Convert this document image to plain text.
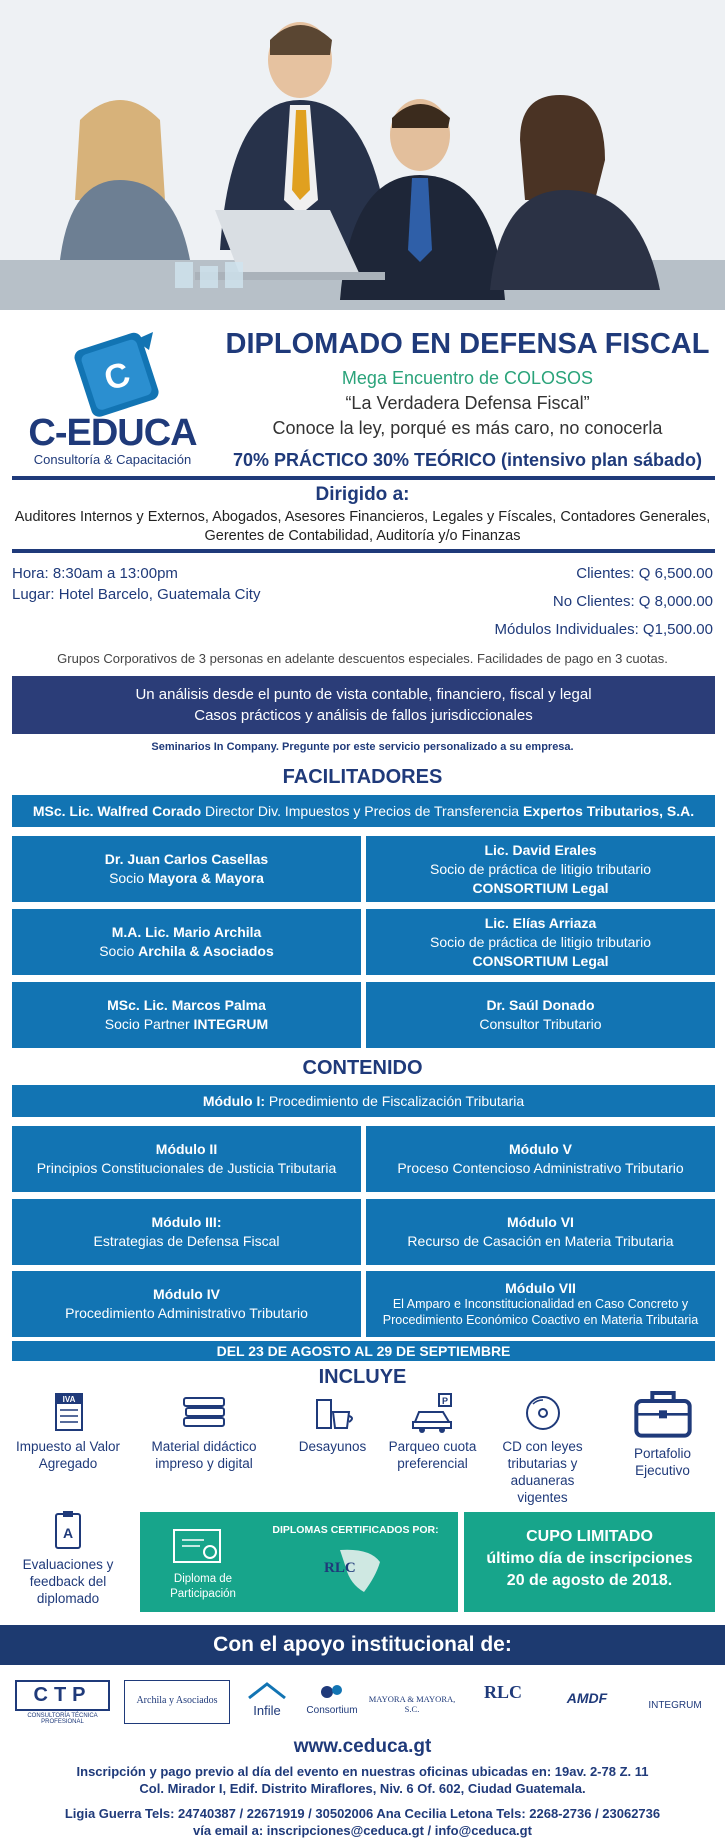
C
C-EDUCA
Consultoría & Capacitación
DIPLOMADO EN DEFENSA FISCAL
Mega Encuentro de COLOSOS
“La Verdadera Defensa Fiscal”
Conoce la ley, porqué es más caro, no conocerla
70% PRÁCTICO 30% TEÓRICO (intensivo plan sábado)
Dirigido a:
Auditores Internos y Externos, Abogados, Asesores Financieros, Legales y Físcales, Contadores Generales, Gerentes de Contabilidad, Auditoría y/o Finanzas
Hora: 8:30am a 13:00pm
Lugar: Hotel Barcelo, Guatemala City
Clientes: Q 6,500.00
No Clientes: Q 8,000.00
Módulos Individuales: Q1,500.00
Grupos Corporativos de 3 personas en adelante descuentos especiales. Facilidades de pago en 3 cuotas.
Un análisis desde el punto de vista contable, financiero, fiscal y legal
Casos prácticos y análisis de fallos jurisdiccionales
Seminarios In Company. Pregunte por este servicio personalizado a su empresa.
FACILITADORES
MSc. Lic. Walfred Corado
Director Div. Impuestos y Precios de Transferencia
Expertos Tributarios, S.A.
Dr. Juan Carlos Casellas
Socio Mayora & Mayora
Lic. David Erales
Socio de práctica de litigio tributario
CONSORTIUM Legal
M.A. Lic. Mario Archila
Socio Archila & Asociados
Lic. Elías Arriaza
Socio de práctica de litigio tributario
CONSORTIUM Legal
MSc. Lic. Marcos Palma
Socio Partner INTEGRUM
Dr. Saúl Donado
Consultor Tributario
CONTENIDO
Módulo I:
Procedimiento de Fiscalización Tributaria
Módulo II
Principios Constitucionales de Justicia Tributaria
Módulo V
Proceso Contencioso Administrativo Tributario
Módulo III:
Estrategias de Defensa Fiscal
Módulo VI
Recurso de Casación en Materia Tributaria
Módulo IV
Procedimiento Administrativo Tributario
Módulo VII
El Amparo e Inconstitucionalidad en Caso Concreto y Procedimiento Económico Coactivo en Materia Tributaria
DEL 23 DE AGOSTO AL 29 DE SEPTIEMBRE
INCLUYE
IVA
Impuesto al Valor Agregado
Material didáctico impreso y digital
Desayunos
P
Parqueo cuota preferencial
CD con leyes tributarias y aduaneras vigentes
Portafolio Ejecutivo
A
Evaluaciones y feedback del diplomado
Diploma de Participación
DIPLOMAS CERTIFICADOS POR:
RLC
CUPO LIMITADO
último día de inscripciones
20 de agosto de 2018.
Con el apoyo institucional de:
CTP
CONSULTORÍA TÉCNICA PROFESIONAL
Archila y Asociados
Infile	Consortium
MAYORA & MAYORA, S.C.
RLC	AMDF	INTEGRUM
www.ceduca.gt
Inscripción y pago previo al día del evento en nuestras oficinas ubicadas en: 19av. 2-78 Z. 11
Col. Mirador I, Edif. Distrito Miraflores, Niv. 6 Of. 602, Ciudad Guatemala.
Ligia Guerra Tels: 24740387 / 22671919 / 30502006 Ana Cecilia Letona Tels: 2268-2736 / 23062736
vía email a: inscripciones@ceduca.gt / info@ceduca.gt
